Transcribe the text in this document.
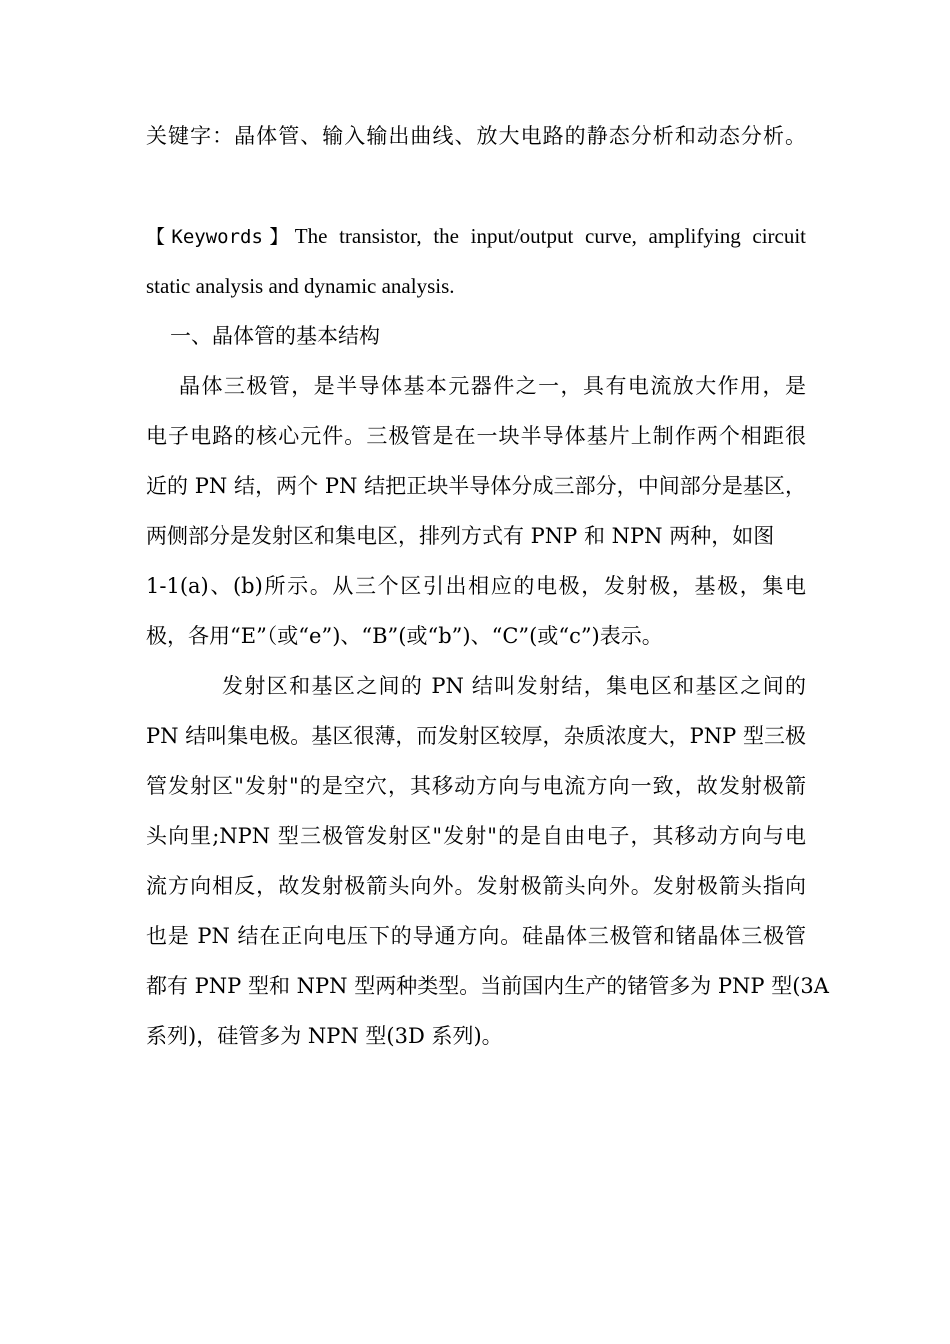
关键字：晶体管、输入输出曲线、放大电路的静态分析和动态分析。
【Keywords】The transistor, the input/output curve, amplifying circuit
static analysis and dynamic analysis.
一、晶体管的基本结构
晶体三极管，是半导体基本元器件之一，具有电流放大作用，是
电子电路的核心元件。三极管是在一块半导体基片上制作两个相距很
近的 PN 结，两个 PN 结把正块半导体分成三部分，中间部分是基区，
两侧部分是发射区和集电区，排列方式有 PNP 和 NPN 两种，如图
1-1(a)、(b)所示。从三个区引出相应的电极，发射极，基极，集电
极，各用“E”（或“e”)、“B”(或“b”)、“C”(或“c”)表示。
发射区和基区之间的 PN 结叫发射结，集电区和基区之间的
PN 结叫集电极。基区很薄，而发射区较厚，杂质浓度大，PNP 型三极
管发射区"发射"的是空穴，其移动方向与电流方向一致，故发射极箭
头向里;NPN 型三极管发射区"发射"的是自由电子，其移动方向与电
流方向相反，故发射极箭头向外。发射极箭头向外。发射极箭头指向
也是 PN 结在正向电压下的导通方向。硅晶体三极管和锗晶体三极管
都有 PNP 型和 NPN 型两种类型。当前国内生产的锗管多为 PNP 型(3A
系列)，硅管多为 NPN 型(3D 系列)。
